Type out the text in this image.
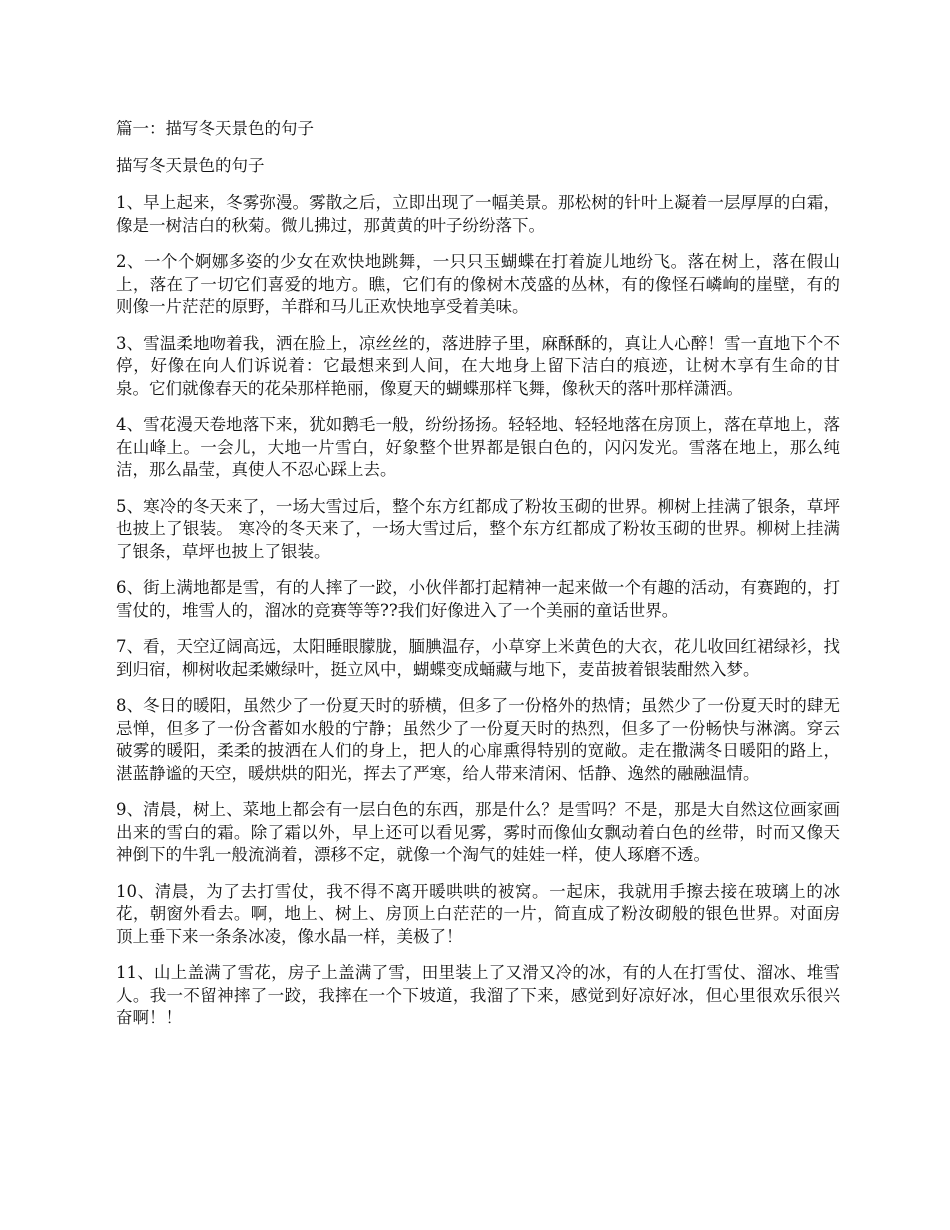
篇一：描写冬天景色的句子
描写冬天景色的句子

1、早上起来，冬雾弥漫。雾散之后，立即出现了一幅美景。那松树的针叶上凝着一层厚厚的白霜，像是一树洁白的秋菊。微儿拂过，那黄黄的叶子纷纷落下。

2、一个个婀娜多姿的少女在欢快地跳舞，一只只玉蝴蝶在打着旋儿地纷飞。落在树上，落在假山上，落在了一切它们喜爱的地方。瞧，它们有的像树木茂盛的丛林，有的像怪石嶙峋的崖壁，有的则像一片茫茫的原野，羊群和马儿正欢快地享受着美味。

3、雪温柔地吻着我，洒在脸上，凉丝丝的，落进脖子里，麻酥酥的，真让人心醉！雪一直地下个不停，好像在向人们诉说着：它最想来到人间，在大地身上留下洁白的痕迹，让树木享有生命的甘泉。它们就像春天的花朵那样艳丽，像夏天的蝴蝶那样飞舞，像秋天的落叶那样潇洒。

4、雪花漫天卷地落下来，犹如鹅毛一般，纷纷扬扬。轻轻地、轻轻地落在房顶上，落在草地上，落在山峰上。一会儿，大地一片雪白，好象整个世界都是银白色的，闪闪发光。雪落在地上，那么纯洁，那么晶莹，真使人不忍心踩上去。

5、寒冷的冬天来了，一场大雪过后，整个东方红都成了粉妆玉砌的世界。柳树上挂满了银条，草坪也披上了银装。 寒冷的冬天来了，一场大雪过后，整个东方红都成了粉妆玉砌的世界。柳树上挂满了银条，草坪也披上了银装。

6、街上满地都是雪，有的人摔了一跤，小伙伴都打起精神一起来做一个有趣的活动，有赛跑的，打雪仗的，堆雪人的，溜冰的竞赛等等??我们好像进入了一个美丽的童话世界。

7、看，天空辽阔高远，太阳睡眼朦胧，腼腆温存，小草穿上米黄色的大衣，花儿收回红裙绿衫，找到归宿，柳树收起柔嫩绿叶，挺立风中，蝴蝶变成蛹藏与地下，麦苗披着银装酣然入梦。

8、冬日的暖阳，虽然少了一份夏天时的骄横，但多了一份格外的热情；虽然少了一份夏天时的肆无忌惮，但多了一份含蓄如水般的宁静；虽然少了一份夏天时的热烈，但多了一份畅快与淋漓。穿云破雾的暖阳，柔柔的披洒在人们的身上，把人的心扉熏得特别的宽敞。走在撒满冬日暖阳的路上，湛蓝静谧的天空，暖烘烘的阳光，挥去了严寒，给人带来清闲、恬静、逸然的融融温情。

9、清晨，树上、菜地上都会有一层白色的东西，那是什么？是雪吗？不是，那是大自然这位画家画出来的雪白的霜。除了霜以外，早上还可以看见雾，雾时而像仙女飘动着白色的丝带，时而又像天神倒下的牛乳一般流淌着，漂移不定，就像一个淘气的娃娃一样，使人琢磨不透。

10、清晨，为了去打雪仗，我不得不离开暖哄哄的被窝。一起床，我就用手擦去接在玻璃上的冰花，朝窗外看去。啊，地上、树上、房顶上白茫茫的一片，简直成了粉汝砌般的银色世界。对面房顶上垂下来一条条冰凌，像水晶一样，美极了！

11、山上盖满了雪花，房子上盖满了雪，田里装上了又滑又冷的冰，有的人在打雪仗、溜冰、堆雪人。我一不留神摔了一跤，我摔在一个下坡道，我溜了下来，感觉到好凉好冰，但心里很欢乐很兴奋啊！！
